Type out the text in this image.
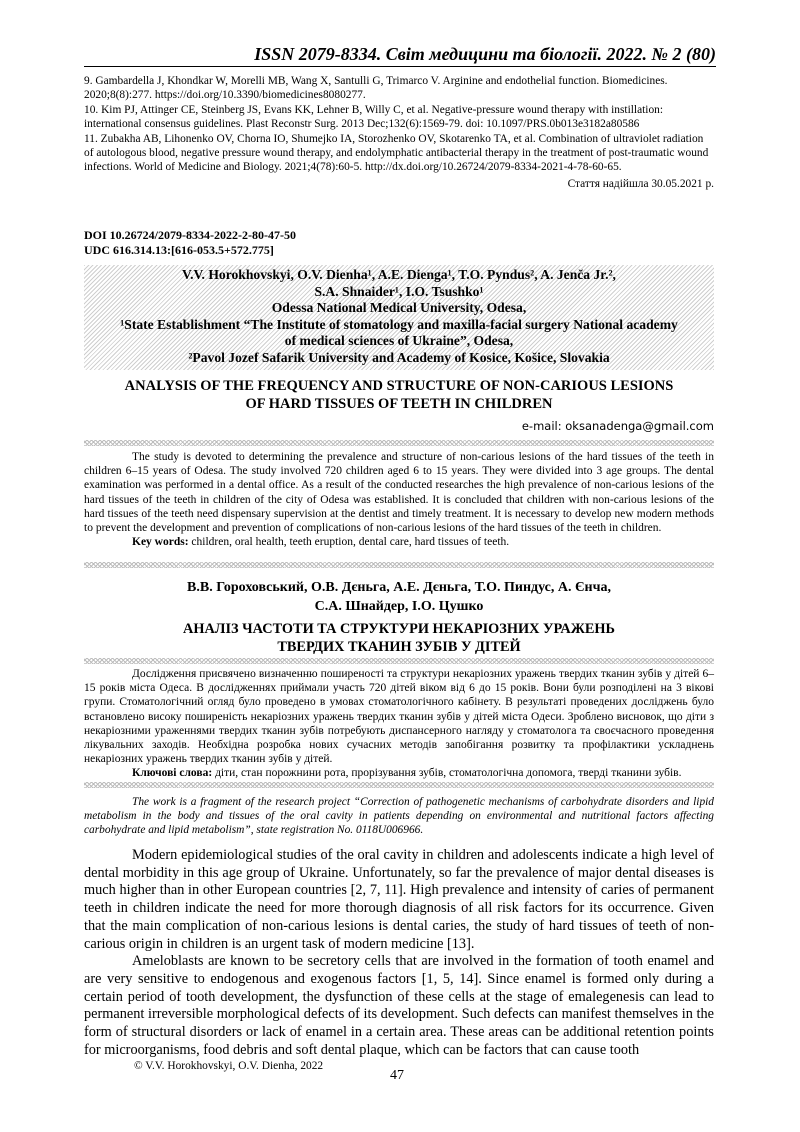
ISSN 2079-8334. Світ медицини та біології. 2022. № 2 (80)

9. Gambardella J, Khondkar W, Morelli MB, Wang X, Santulli G, Trimarco V. Arginine and endothelial function. Biomedicines. 2020;8(8):277. https://doi.org/10.3390/biomedicines8080277.

10. Kim PJ, Attinger CE, Steinberg JS, Evans KK, Lehner B, Willy C, et al. Negative-pressure wound therapy with instillation: international consensus guidelines. Plast Reconstr Surg. 2013 Dec;132(6):1569-79. doi: 10.1097/PRS.0b013e3182a80586

11. Zubakha AB, Lihonenko OV, Chorna IO, Shumejko IA, Storozhenko OV, Skotarenko TA, et al. Combination of ultraviolet radiation of autologous blood, negative pressure wound therapy, and endolymphatic antibacterial therapy in the treatment of post-traumatic wound infections. World of Medicine and Biology. 2021;4(78):60-5. http://dx.doi.org/10.26724/2079-8334-2021-4-78-60-65.

Стаття надійшла 30.05.2021 р.
DOI 10.26724/2079-8334-2022-2-80-47-50
UDC 616.314.13:[616-053.5+572.775]
V.V. Horokhovskyi, O.V. Dienha¹, A.E. Dienga¹, T.O. Pyndus², A. Jenča Jr.²,
S.A. Shnaider¹, I.O. Tsushko¹
Odessa National Medical University, Odesa,
¹State Establishment “The Institute of stomatology and maxilla-facial surgery National academy
of medical sciences of Ukraine”, Odesa,
²Pavol Jozef Safarik University and Academy of Kosice, Košice, Slovakia
ANALYSIS OF THE FREQUENCY AND STRUCTURE OF NON-CARIOUS LESIONS
OF HARD TISSUES OF TEETH IN CHILDREN
e-mail: oksanadenga@gmail.com

The study is devoted to determining the prevalence and structure of non-carious lesions of the hard tissues of the teeth in children 6–15 years of Odesa. The study involved 720 children aged 6 to 15 years. They were divided into 3 age groups. The dental examination was performed in a dental office. As a result of the conducted researches the high prevalence of non-carious lesions of the hard tissues of the teeth in children of the city of Odesa was established. It is concluded that children with non-carious lesions of the hard tissues of the teeth need dispensary supervision at the dentist and timely treatment. It is necessary to develop new modern methods to prevent the development and prevention of complications of non-carious lesions of the hard tissues of the teeth in children.

Key words: children, oral health, teeth eruption, dental care, hard tissues of teeth.

В.В. Гороховський, О.В. Дєньга, А.Е. Дєньга, Т.О. Пиндус, А. Єнча,
С.А. Шнайдер, І.О. Цушко
АНАЛІЗ ЧАСТОТИ ТА СТРУКТУРИ НЕКАРІОЗНИХ УРАЖЕНЬ
ТВЕРДИХ ТКАНИН ЗУБІВ У ДІТЕЙ

Дослідження присвячено визначенню поширеності та структури некаріозних уражень твердих тканин зубів у дітей 6–15 років міста Одеса. В дослідженнях приймали участь 720 дітей віком від 6 до 15 років. Вони були розподілені на 3 вікові групи. Стоматологічний огляд було проведено в умовах стоматологічного кабінету. В результаті проведених досліджень було встановлено високу поширеність некаріозних уражень твердих тканин зубів у дітей міста Одеси. Зроблено висновок, що діти з некаріозними ураженнями твердих тканин зубів потребують диспансерного нагляду у стоматолога та своєчасного проведення лікувальних заходів. Необхідна розробка нових сучасних методів запобігання розвитку та профілактики ускладнень некаріозних уражень твердих тканин зубів у дітей.

Ключові слова: діти, стан порожнини рота, прорізування зубів, стоматологічна допомога, тверді тканини зубів.

The work is a fragment of the research project “Correction of pathogenetic mechanisms of carbohydrate disorders and lipid metabolism in the body and tissues of the oral cavity in patients depending on environmental and nutritional factors affecting carbohydrate and lipid metabolism”, state registration No. 0118U006966.

Modern epidemiological studies of the oral cavity in children and adolescents indicate a high level of dental morbidity in this age group of Ukraine. Unfortunately, so far the prevalence of major dental diseases is much higher than in other European countries [2, 7, 11]. High prevalence and intensity of caries of permanent teeth in children indicate the need for more thorough diagnosis of all risk factors for its occurrence. Given that the main complication of non-carious lesions is dental caries, the study of hard tissues of teeth of non-carious origin in children is an urgent task of modern medicine [13].

Ameloblasts are known to be secretory cells that are involved in the formation of tooth enamel and are very sensitive to endogenous and exogenous factors [1, 5, 14]. Since enamel is formed only during a certain period of tooth development, the dysfunction of these cells at the stage of emalegenesis can lead to permanent irreversible morphological defects of its development. Such defects can manifest themselves in the form of structural disorders or lack of enamel in a certain area. These areas can be additional retention points for microorganisms, food debris and soft dental plaque, which can be factors that can cause tooth

© V.V. Horokhovskyi, O.V. Dienha, 2022
47
